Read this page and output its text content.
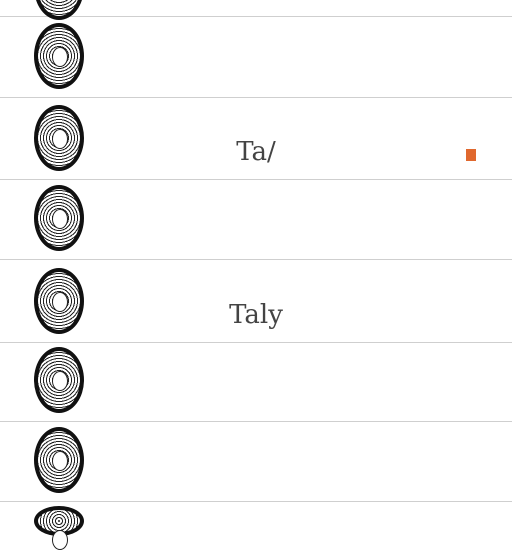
Ta/
Taly
